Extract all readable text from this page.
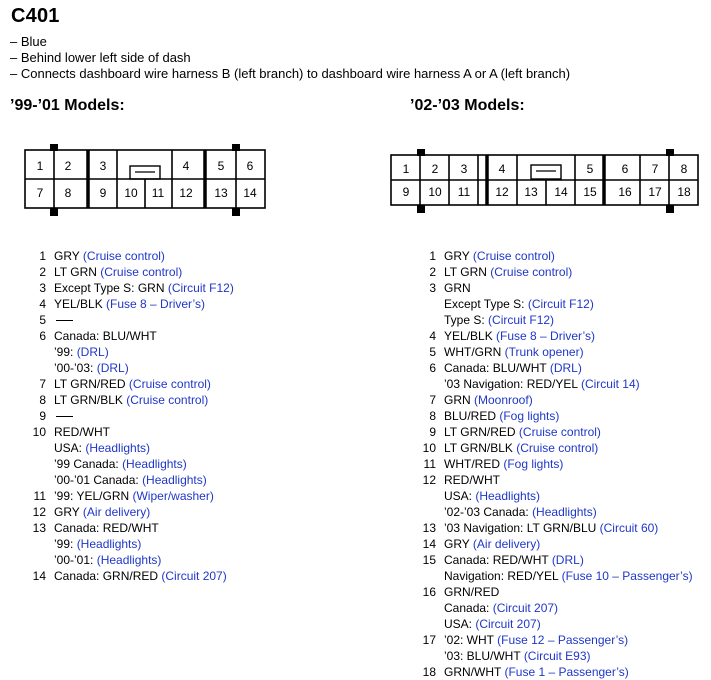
C401
– Blue
– Behind lower left side of dash
– Connects dashboard wire harness B (left branch) to dashboard wire harness A or A (left branch)
’99-’01 Models:	’02-’03 Models:
1 2 3	4 5 6
7 8 9 10 11 12 13 14
1 2 3	4	5 6 7 8
9 10 11 12 13 14 15 16 17 18
1 GRY (Cruise control)
2 LT GRN (Cruise control)
3 Except Type S: GRN (Circuit F12)
4 YEL/BLK (Fuse 8 – Driver’s)
5
6 Canada: BLU/WHT
’99: (DRL)
’00-’03: (DRL)
7 LT GRN/RED (Cruise control)
8 LT GRN/BLK (Cruise control)
9
10 RED/WHT
USA: (Headlights)
’99 Canada: (Headlights)
’00-’01 Canada: (Headlights)
11 ’99: YEL/GRN (Wiper/washer)
12 GRY (Air delivery)
13 Canada: RED/WHT
’99: (Headlights)
’00-’01: (Headlights)
14 Canada: GRN/RED (Circuit 207)
1 GRY (Cruise control)
2 LT GRN (Cruise control)
3 GRN
Except Type S: (Circuit F12)
Type S: (Circuit F12)
4 YEL/BLK (Fuse 8 – Driver’s)
5 WHT/GRN (Trunk opener)
6 Canada: BLU/WHT (DRL)
’03 Navigation: RED/YEL (Circuit 14)
7 GRN (Moonroof)
8 BLU/RED (Fog lights)
9 LT GRN/RED (Cruise control)
10 LT GRN/BLK (Cruise control)
11 WHT/RED (Fog lights)
12 RED/WHT
USA: (Headlights)
’02-’03 Canada: (Headlights)
13 ’03 Navigation: LT GRN/BLU (Circuit 60)
14 GRY (Air delivery)
15 Canada: RED/WHT (DRL)
Navigation: RED/YEL (Fuse 10 – Passenger’s)
16 GRN/RED
Canada: (Circuit 207)
USA: (Circuit 207)
17 ’02: WHT (Fuse 12 – Passenger’s)
’03: BLU/WHT (Circuit E93)
18 GRN/WHT (Fuse 1 – Passenger’s)
